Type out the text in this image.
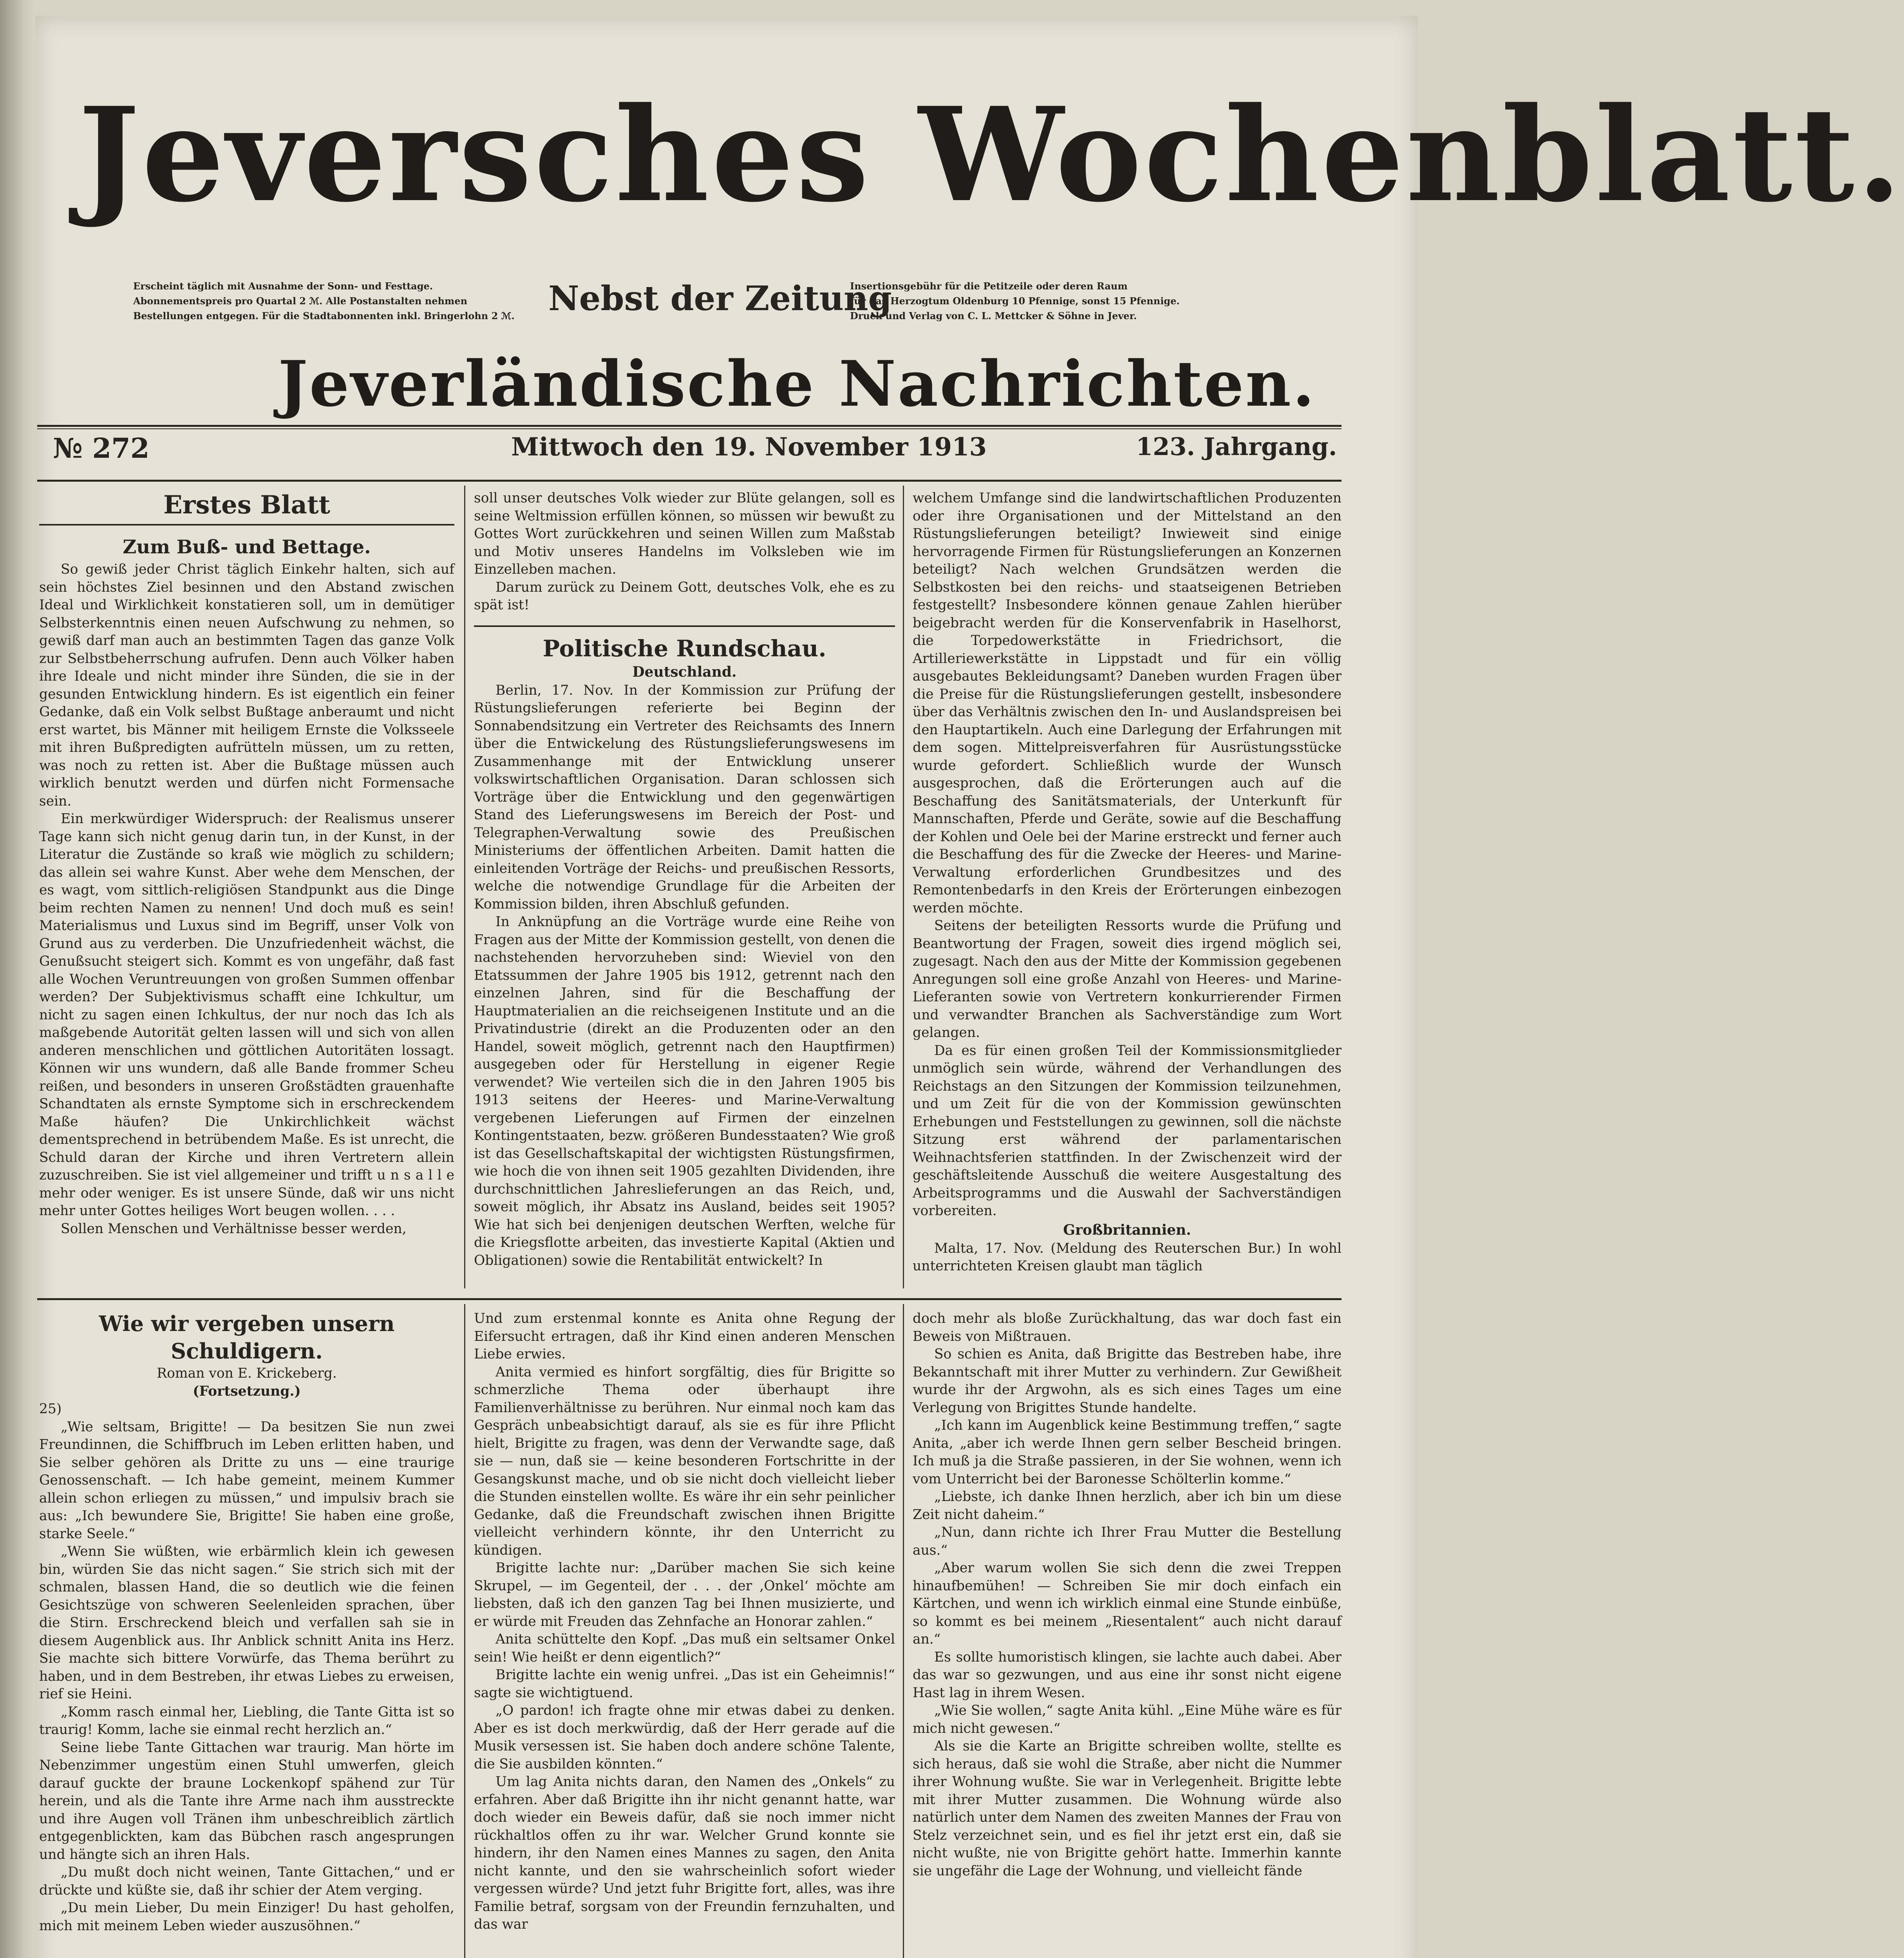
Jeversches Wochenblatt.
Erscheint täglich mit Ausnahme der Sonn- und Festtage.
Abonnementspreis pro Quartal 2 ℳ. Alle Postanstalten nehmen
Bestellungen entgegen. Für die Stadtabonnenten inkl. Bringerlohn 2 ℳ. Nebst der Zeitung
Insertionsgebühr für die Petitzeile oder deren Raum
für das Herzogtum Oldenburg 10 Pfennige, sonst 15 Pfennige.
Druck und Verlag von C. L. Mettcker & Söhne in Jever.
Jeverländische Nachrichten.
№ 272	Mittwoch den 19. November 1913	123. Jahrgang.
Erstes Blatt
Zum Buß- und Bettage.

So gewiß jeder Christ täglich Einkehr halten, sich auf sein höchstes Ziel besinnen und den Abstand zwischen Ideal und Wirklichkeit konstatieren soll, um in demütiger Selbsterkenntnis einen neuen Aufschwung zu nehmen, so gewiß darf man auch an bestimmten Tagen das ganze Volk zur Selbstbeherrschung aufrufen. Denn auch Völker haben ihre Ideale und nicht minder ihre Sünden, die sie in der gesunden Entwicklung hindern. Es ist eigentlich ein feiner Gedanke, daß ein Volk selbst Bußtage anberaumt und nicht erst wartet, bis Männer mit heiligem Ernste die Volksseele mit ihren Bußpredigten aufrütteln müssen, um zu retten, was noch zu retten ist. Aber die Bußtage müssen auch wirklich benutzt werden und dürfen nicht Formensache sein.

Ein merkwürdiger Widerspruch: der Realismus unserer Tage kann sich nicht genug darin tun, in der Kunst, in der Literatur die Zustände so kraß wie möglich zu schildern; das allein sei wahre Kunst. Aber wehe dem Menschen, der es wagt, vom sittlich-religiösen Standpunkt aus die Dinge beim rechten Namen zu nennen! Und doch muß es sein! Materialismus und Luxus sind im Begriff, unser Volk von Grund aus zu verderben. Die Unzufriedenheit wächst, die Genußsucht steigert sich. Kommt es von ungefähr, daß fast alle Wochen Veruntreuungen von großen Summen offenbar werden? Der Subjektivismus schafft eine Ichkultur, um nicht zu sagen einen Ichkultus, der nur noch das Ich als maßgebende Autorität gelten lassen will und sich von allen anderen menschlichen und göttlichen Autoritäten lossagt. Können wir uns wundern, daß alle Bande frommer Scheu reißen, und besonders in unseren Großstädten grauenhafte Schandtaten als ernste Symptome sich in erschreckendem Maße häufen? Die Unkirchlichkeit wächst dementsprechend in betrübendem Maße. Es ist unrecht, die Schuld daran der Kirche und ihren Vertretern allein zuzuschreiben. Sie ist viel allgemeiner und trifft u n s a l l e mehr oder weniger. Es ist unsere Sünde, daß wir uns nicht mehr unter Gottes heiliges Wort beugen wollen. . . .

Sollen Menschen und Verhältnisse besser werden,

soll unser deutsches Volk wieder zur Blüte gelangen, soll es seine Weltmission erfüllen können, so müssen wir bewußt zu Gottes Wort zurückkehren und seinen Willen zum Maßstab und Motiv unseres Handelns im Volksleben wie im Einzelleben machen.

Darum zurück zu Deinem Gott, deutsches Volk, ehe es zu spät ist!

Politische Rundschau.
Deutschland.

Berlin, 17. Nov. In der Kommission zur Prüfung der Rüstungslieferungen referierte bei Beginn der Sonnabendsitzung ein Vertreter des Reichsamts des Innern über die Entwickelung des Rüstungslieferungswesens im Zusammenhange mit der Entwicklung unserer volkswirtschaftlichen Organisation. Daran schlossen sich Vorträge über die Entwicklung und den gegenwärtigen Stand des Lieferungswesens im Bereich der Post- und Telegraphen-Verwaltung sowie des Preußischen Ministeriums der öffentlichen Arbeiten. Damit hatten die einleitenden Vorträge der Reichs- und preußischen Ressorts, welche die notwendige Grundlage für die Arbeiten der Kommission bilden, ihren Abschluß gefunden.

In Anknüpfung an die Vorträge wurde eine Reihe von Fragen aus der Mitte der Kommission gestellt, von denen die nachstehenden hervorzuheben sind: Wieviel von den Etatssummen der Jahre 1905 bis 1912, getrennt nach den einzelnen Jahren, sind für die Beschaffung der Hauptmaterialien an die reichseigenen Institute und an die Privatindustrie (direkt an die Produzenten oder an den Handel, soweit möglich, getrennt nach den Hauptfirmen) ausgegeben oder für Herstellung in eigener Regie verwendet? Wie verteilen sich die in den Jahren 1905 bis 1913 seitens der Heeres- und Marine-Verwaltung vergebenen Lieferungen auf Firmen der einzelnen Kontingentstaaten, bezw. größeren Bundesstaaten? Wie groß ist das Gesellschaftskapital der wichtigsten Rüstungsfirmen, wie hoch die von ihnen seit 1905 gezahlten Dividenden, ihre durchschnittlichen Jahreslieferungen an das Reich, und, soweit möglich, ihr Absatz ins Ausland, beides seit 1905? Wie hat sich bei denjenigen deutschen Werften, welche für die Kriegsflotte arbeiten, das investierte Kapital (Aktien und Obligationen) sowie die Rentabilität entwickelt? In

welchem Umfange sind die landwirtschaftlichen Produzenten oder ihre Organisationen und der Mittelstand an den Rüstungslieferungen beteiligt? Inwieweit sind einige hervorragende Firmen für Rüstungslieferungen an Konzernen beteiligt? Nach welchen Grundsätzen werden die Selbstkosten bei den reichs- und staatseigenen Betrieben festgestellt? Insbesondere können genaue Zahlen hierüber beigebracht werden für die Konservenfabrik in Haselhorst, die Torpedowerkstätte in Friedrichsort, die Artilleriewerkstätte in Lippstadt und für ein völlig ausgebautes Bekleidungsamt? Daneben wurden Fragen über die Preise für die Rüstungslieferungen gestellt, insbesondere über das Verhältnis zwischen den In- und Auslandspreisen bei den Hauptartikeln. Auch eine Darlegung der Erfahrungen mit dem sogen. Mittelpreisverfahren für Ausrüstungsstücke wurde gefordert. Schließlich wurde der Wunsch ausgesprochen, daß die Erörterungen auch auf die Beschaffung des Sanitätsmaterials, der Unterkunft für Mannschaften, Pferde und Geräte, sowie auf die Beschaffung der Kohlen und Oele bei der Marine erstreckt und ferner auch die Beschaffung des für die Zwecke der Heeres- und Marine-Verwaltung erforderlichen Grundbesitzes und des Remontenbedarfs in den Kreis der Erörterungen einbezogen werden möchte.

Seitens der beteiligten Ressorts wurde die Prüfung und Beantwortung der Fragen, soweit dies irgend möglich sei, zugesagt. Nach den aus der Mitte der Kommission gegebenen Anregungen soll eine große Anzahl von Heeres- und Marine-Lieferanten sowie von Vertretern konkurrierender Firmen und verwandter Branchen als Sachverständige zum Wort gelangen.

Da es für einen großen Teil der Kommissionsmitglieder unmöglich sein würde, während der Verhandlungen des Reichstags an den Sitzungen der Kommission teilzunehmen, und um Zeit für die von der Kommission gewünschten Erhebungen und Feststellungen zu gewinnen, soll die nächste Sitzung erst während der parlamentarischen Weihnachtsferien stattfinden. In der Zwischenzeit wird der geschäftsleitende Ausschuß die weitere Ausgestaltung des Arbeitsprogramms und die Auswahl der Sachverständigen vorbereiten.

Großbritannien.

Malta, 17. Nov. (Meldung des Reuterschen Bur.) In wohl unterrichteten Kreisen glaubt man täglich

Wie wir vergeben unsern Schuldigern.
Roman von E. Krickeberg.
(Fortsetzung.)
25)

„Wie seltsam, Brigitte! — Da besitzen Sie nun zwei Freundinnen, die Schiffbruch im Leben erlitten haben, und Sie selber gehören als Dritte zu uns — eine traurige Genossenschaft. — Ich habe gemeint, meinem Kummer allein schon erliegen zu müssen,“ und impulsiv brach sie aus: „Ich bewundere Sie, Brigitte! Sie haben eine große, starke Seele.“

„Wenn Sie wüßten, wie erbärmlich klein ich gewesen bin, würden Sie das nicht sagen.“ Sie strich sich mit der schmalen, blassen Hand, die so deutlich wie die feinen Gesichtszüge von schweren Seelenleiden sprachen, über die Stirn. Erschreckend bleich und verfallen sah sie in diesem Augenblick aus. Ihr Anblick schnitt Anita ins Herz. Sie machte sich bittere Vorwürfe, das Thema berührt zu haben, und in dem Bestreben, ihr etwas Liebes zu erweisen, rief sie Heini.

„Komm rasch einmal her, Liebling, die Tante Gitta ist so traurig! Komm, lache sie einmal recht herzlich an.“

Seine liebe Tante Gittachen war traurig. Man hörte im Nebenzimmer ungestüm einen Stuhl umwerfen, gleich darauf guckte der braune Lockenkopf spähend zur Tür herein, und als die Tante ihre Arme nach ihm ausstreckte und ihre Augen voll Tränen ihm unbeschreiblich zärtlich entgegenblickten, kam das Bübchen rasch angesprungen und hängte sich an ihren Hals.

„Du mußt doch nicht weinen, Tante Gittachen,“ und er drückte und küßte sie, daß ihr schier der Atem verging.

„Du mein Lieber, Du mein Einziger! Du hast geholfen, mich mit meinem Leben wieder auszusöhnen.“

Und zum erstenmal konnte es Anita ohne Regung der Eifersucht ertragen, daß ihr Kind einen anderen Menschen Liebe erwies.

Anita vermied es hinfort sorgfältig, dies für Brigitte so schmerzliche Thema oder überhaupt ihre Familienverhältnisse zu berühren. Nur einmal noch kam das Gespräch unbeabsichtigt darauf, als sie es für ihre Pflicht hielt, Brigitte zu fragen, was denn der Verwandte sage, daß sie — nun, daß sie — keine besonderen Fortschritte in der Gesangskunst mache, und ob sie nicht doch vielleicht lieber die Stunden einstellen wollte. Es wäre ihr ein sehr peinlicher Gedanke, daß die Freundschaft zwischen ihnen Brigitte vielleicht verhindern könnte, ihr den Unterricht zu kündigen.

Brigitte lachte nur: „Darüber machen Sie sich keine Skrupel, — im Gegenteil, der . . . der ,Onkel‘ möchte am liebsten, daß ich den ganzen Tag bei Ihnen musizierte, und er würde mit Freuden das Zehnfache an Honorar zahlen.“

Anita schüttelte den Kopf. „Das muß ein seltsamer Onkel sein! Wie heißt er denn eigentlich?“

Brigitte lachte ein wenig unfrei. „Das ist ein Geheimnis!“ sagte sie wichtigtuend.

„O pardon! ich fragte ohne mir etwas dabei zu denken. Aber es ist doch merkwürdig, daß der Herr gerade auf die Musik versessen ist. Sie haben doch andere schöne Talente, die Sie ausbilden könnten.“

Um lag Anita nichts daran, den Namen des „Onkels“ zu erfahren. Aber daß Brigitte ihn ihr nicht genannt hatte, war doch wieder ein Beweis dafür, daß sie noch immer nicht rückhaltlos offen zu ihr war. Welcher Grund konnte sie hindern, ihr den Namen eines Mannes zu sagen, den Anita nicht kannte, und den sie wahrscheinlich sofort wieder vergessen würde? Und jetzt fuhr Brigitte fort, alles, was ihre Familie betraf, sorgsam von der Freundin fernzuhalten, und das war

doch mehr als bloße Zurückhaltung, das war doch fast ein Beweis von Mißtrauen.

So schien es Anita, daß Brigitte das Bestreben habe, ihre Bekanntschaft mit ihrer Mutter zu verhindern. Zur Gewißheit wurde ihr der Argwohn, als es sich eines Tages um eine Verlegung von Brigittes Stunde handelte.

„Ich kann im Augenblick keine Bestimmung treffen,“ sagte Anita, „aber ich werde Ihnen gern selber Bescheid bringen. Ich muß ja die Straße passieren, in der Sie wohnen, wenn ich vom Unterricht bei der Baronesse Schölterlin komme.“

„Liebste, ich danke Ihnen herzlich, aber ich bin um diese Zeit nicht daheim.“

„Nun, dann richte ich Ihrer Frau Mutter die Bestellung aus.“

„Aber warum wollen Sie sich denn die zwei Treppen hinaufbemühen! — Schreiben Sie mir doch einfach ein Kärtchen, und wenn ich wirklich einmal eine Stunde einbüße, so kommt es bei meinem „Riesentalent“ auch nicht darauf an.“

Es sollte humoristisch klingen, sie lachte auch dabei. Aber das war so gezwungen, und aus eine ihr sonst nicht eigene Hast lag in ihrem Wesen.

„Wie Sie wollen,“ sagte Anita kühl. „Eine Mühe wäre es für mich nicht gewesen.“

Als sie die Karte an Brigitte schreiben wollte, stellte es sich heraus, daß sie wohl die Straße, aber nicht die Nummer ihrer Wohnung wußte. Sie war in Verlegenheit. Brigitte lebte mit ihrer Mutter zusammen. Die Wohnung würde also natürlich unter dem Namen des zweiten Mannes der Frau von Stelz verzeichnet sein, und es fiel ihr jetzt erst ein, daß sie nicht wußte, nie von Brigitte gehört hatte. Immerhin kannte sie ungefähr die Lage der Wohnung, und vielleicht fände
